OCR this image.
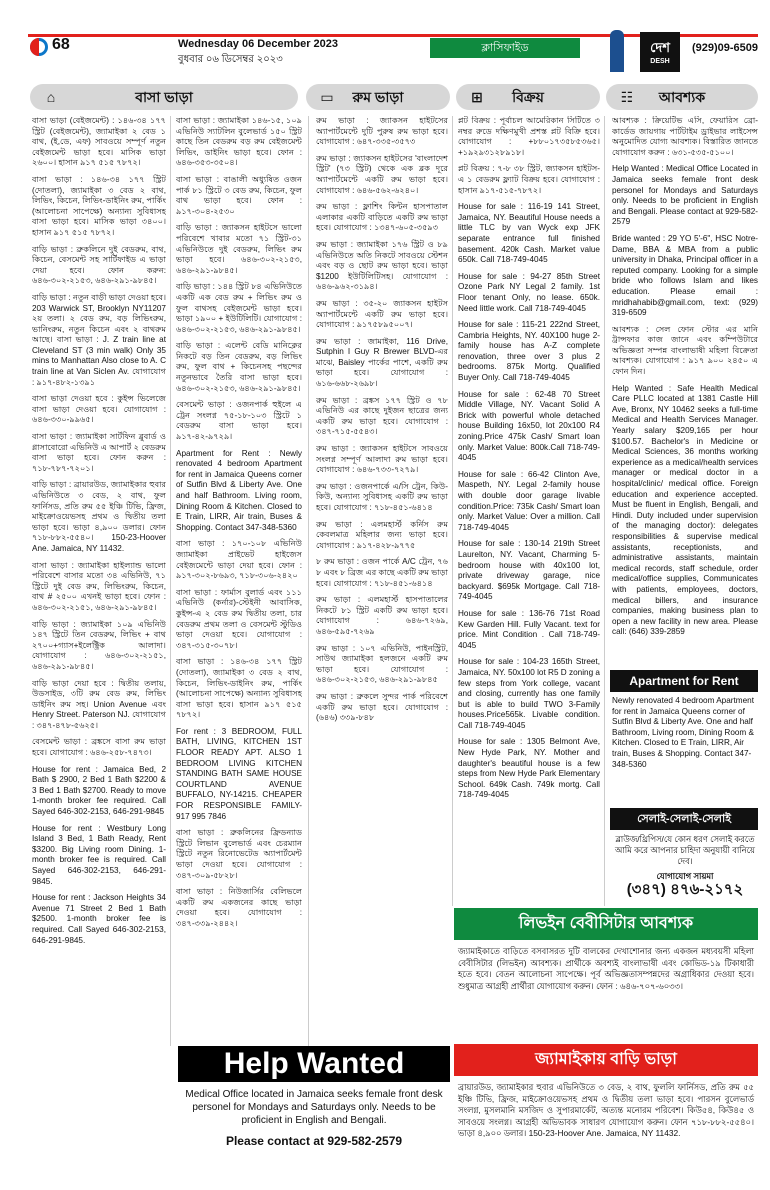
68	Wednesday 06 December 2023
বুধবার ০৬ ডিসেম্বর ২০২৩
ক্লাসিফাইড	দেশ
DESH
(929)09-6509
⌂	বাসা ভাড়া	▭	রুম ভাড়া	⊞	বিক্রয়	☷	আবশ্যক

বাসা ভাড়া (বেইজমেন্ট) : ১৪৬-৩৪ ১৭৭ স্ট্রিট (বেইজমেন্ট), জ্যামাইকা ২ বেড ১ বাথ, (ই,ডে, এফ) সাবওয়ে সম্পূর্ণ নতুন বেইজমেন্ট ভাড়া হবে। মাসিক ভাড়া ২৬০০। হাসান ৯১৭ ৫১৫ ৭৮৭২।

বাসা ভাড়া : ১৪৬-৩৪ ১৭৭ স্ট্রিট (দোতলা), জ্যামাইকা ৩ বেড ২ বাথ, লিভিং, কিচেন, লিভিং-ডাইনিং রুম, পার্কিং (আলোচনা সাপেক্ষে) অন্যান্য সুবিধাসহ বাসা ভাড়া হবে। মাসিক ভাড়া ৩৪০০। হাসান ৯১৭ ৫১৫ ৭৮৭২।

বাড়ি ভাড়া : ব্রুকলিনে দুই বেডরুম, বাথ, কিচেন, বেসমেন্ট সহ সার্টিফাইড এ ভাড়া দেয়া হবে। ফোন করুন: ৬৪৬-৩০২-২১৫৩, ৬৪৬-২৯১-৯৮৪৫।

বাড়ি ভাড়া : নতুন বাড়ী ভাড়া দেওয়া হবে। 203 Warwick ST, Brooklyn NY11207 ২য় তলা। ২ বেড রুম, বড় লিভিংরুম, ভানিংরুম, নতুন কিচেন এবং ২ বাথরুম আছে। বাসা ভাড়া : J. Z train line at Cleveland ST (3 min walk) Only 35 mins to Manhattan Also close to A. C train line at Van Siclen Av. যোগাযোগ : ৯১৭-৪৮২-১৩৯১

বাসা ভাড়া দেওয়া হবে : কুইন্স ভিলেজে বাসা ভাড়া দেওয়া হবে। যোগাযোগ : ৬৪৬-৩৩০-৯৯৬৫।

বাসা ভাড়া : জ্যামাইকা সার্টফিন ব্লুবার্ড ও গ্লাসাবোরো এভিনিউ এ আপার্ট ২ বেডরুম বাসা ভাড়া হবে। ফোন করুন : ৭১৮-৭৮৭-৭২০১।

বাড়ি ভাড়া : ব্রায়ারউড, জ্যামাইকার হুবার এভিনিউতে ৩ বেড, ২ বাথ, ফুল ফার্নিসড, প্রতি রুম ৫৫ ইঞ্চি টিভি, ফ্রিজ, মাইক্রোওয়েভসহ প্রথম ও দ্বিতীয় তলা ভাড়া হবে। ভাড়া ৪,৯০০ ডলার। ফোন ৭১৮-৮৮২-৫৫৪০। 150-23-Hoover Ane. Jamaica, NY 11432.

বাসা ভাড়া : জ্যামাইকা হাইল্যান্ড ভালো পরিবেশে বাসার মতো ৩৪ এভিনিউ, ৭১ স্ট্রিটে দুই বেড রুম, লিভিংরুম, কিচেন, বাথ # ২৫০০ এখনই ভাড়া হবে। ফোন : ৬৪৬-৩০২-২১৫১, ৬৪৬-২৯১-৯৮৪৫।

বাড়ি ভাড়া : জ্যামাইকা ১০৯ এভিনিউ ১৪৭ স্ট্রিটে তিন বেডরুম, লিভিং + বাথ ২৭০০+গ্যাস+ইলেক্ট্রিক আলাদা। যোগাযোগ : ৬৪৬-৩০২-২১৫১, ৬৪৬-২৯১-৯৮৪৫।

বাড়ি ভাড়া দেয়া হবে : দ্বিতীয় তলায়, উডসাইড, ৩টি রুম বেড রুম, লিভিং ডাইনিং রুম সহ। Union Avenue এবং Henry Street. Paterson NJ. যোগাযোগ : ৩৪৭-৪৭৮-৫৬২৫।

বেসমেন্ট ভাড়া : ব্রঙ্কসে বাসা রুম ভাড়া হবে। যোগাযোগ : ৬৪৬-২৫৮-৭৪৭৩।

House for rent : Jamaica Bed, 2 Bath $ 2900, 2 Bed 1 Bath $2200 & 3 Bed 1 Bath $2700. Ready to move 1-month broker fee required. Call Sayed 646-302-2153, 646-291-9845

House for rent : Westbury Long Island 3 Bed, 1 Bath Ready, Rent $3200. Big Living room Dining. 1-month broker fee is required. Call Sayed 646-302-2153, 646-291-9845.

House for rent : Jackson Heights 34 Avenue 71 Street 2 Bed 1 Bath $2500. 1-month broker fee is required. Call Sayed 646-302-2153, 646-291-9845.

বাসা ভাড়া : জ্যামাইকা ১৪৬-১৫, ১০৯ এভিনিউ স্যাটলিন বুলেভার্ড ১৫০ স্ট্রিট কাছে তিন বেডরুম বড় রুম বেইজমেন্ট লিভিং, ডাইনিং ভাড়া হবে। ফোন : ৬৪৬-৩৫৩-৩৫০৪।

বাসা ভাড়া : বাঙালী অধ্যুষিত ওজন পার্ক ৮১ স্ট্রিটে ৩ বেড রুম, কিচেন, ফুল বাথ ভাড়া হবে। ফোন : ৯১৭-৩০৪-২৫৩০

বাড়ি ভাড়া : জ্যাকসন হাইটসে ভালো পরিবেশে খাবার মতো ৭১ স্ট্রিট-৩১ এভিনিউতে দুই বেডরুম, লিভিং রুম ভাড়া হবে। ৬৪৬-৩০২-২১৫৩, ৬৪৬-২৯১-৯৮৪৫।

বাড়ি ভাড়া : ১৪৪ স্ট্রিট ৮৪ এভিনিউতে একটি এক বেড রুম + লিভিং রুম ও ফুল বাথসহ বেইজমেন্ট ভাড়া হবে। ভাড়া ১৯০০ + ইউটিলিটি। যোগাযোগ : ৬৪৬-৩০২-২১৫৩, ৬৪৬-২৯১-৯৮৪৫।

বাড়ি ভাড়া : এলেন্ট বেডি মানিক্লের নিকটে বড় তিন বেডরুম, বড় লিভিং রুম, ফুল বাথ + কিচেনসহ পছন্দের নতুনভাবে তৈরি বাসা ভাড়া হবে। ৬৪৬-৩০২-২১৫৩, ৬৪৬-২৯১-৯৮৪৫।

বেসমেন্ট ভাড়া : ওজনপার্ক হুইলে এ ট্রেন সংলগ্ন ৭৫-১৮-১০৩ স্ট্রিটে ১ বেডরুম বাসা ভাড়া হবে। ৯১৭-৪২-৯৭২৯।

Apartment for Rent : Newly renovated 4 bedroom Apartment for rent in Jamaica Queens corner of Sutfin Blvd & Liberty Ave. One and half Bathroom. Living room, Dining Room & Kitchen. Closed to E Train, LIRR, Air train, Buses & Shopping. Contact 347-348-5360

বাসা ভাড়া : ১৭০-১০৮ এভিনিউ জ্যামাইকা প্রাইভেট হাইজেস বেইজমেন্টে ভাড়া দেয়া হবে। ফোন : ৯১৭-৩০২-৮৬৯৩, ৭১৮-৩০৬-২৪২০

বাসা ভাড়া : ফার্মাস বুলার্ড এবং ১১১ এভিনিউ (কর্নার)-স্টেইনী আবাসিক, কুইন্স-এ ২ বেড রুম দ্বিতীয় তলা, চার বেডরুম প্রথম তলা ও বেসমেন্ট স্টুডিও ভাড়া দেওয়া হবে। যোগাযোগ : ৩৪৭-৩১৫-৩০৭৮।

বাসা ভাড়া : ১৪৬-৩৪ ১৭৭ স্ট্রিট (দোতলা), জ্যামাইকা ৩ বেড ২ বাথ, কিচেন, লিভিং-ডাইনিং রুম, পার্কিং (আলোচনা সাপেক্ষে) অন্যান্য সুবিধাসহ বাসা ভাড়া হবে। হাসান ৯১৭ ৫১৫ ৭৮৭২।

For rent : 3 BEDROOM, FULL BATH, LIVING, KITCHEN 1ST FLOOR READY APT. ALSO 1 BEDROOM LIVING KITCHEN STANDING BATH SAME HOUSE COURTLAND AVENUE BUFFALO, NY-14215. CHEAPER FOR RESPONSIBLE FAMILY- 917 995 7846

বাসা ভাড়া : ব্রুকলিনের ফ্রিডন্যাড স্ট্রিটে লিভান বুলেভার্ড এবং চেরম্যান স্ট্রিটে নতুন রিনোভেটেড অ্যাপার্টমেন্ট ভাড়া দেওয়া হবে। যোগাযোগ : ৩৪৭-৩০৯-৫৮২৮।

বাসা ভাড়া : নিউজার্সির বেলিভলে একটি রুম একজনের কাছে ভাড়া দেওয়া হবে। যোগাযোগ : ৩৪৭-৩৩৯-২৪৪২।

রুম ভাড়া : জ্যাকসন হাইটসের অ্যাপার্টমেন্টে দুটি পুরুষ রুম ভাড়া হবে। যোগাযোগ : ৬৪৭-৩৩৫-৩৫৭৩

রুম ভাড়া : জ্যাকসন হাইটসের 'বাংলাদেশ স্ট্রিট' (৭৩ স্ট্রিট) থেকে এক ব্লক দূরে অ্যাপার্টমেন্টে একটি রুম ভাড়া হবে। যোগাযোগ : ৬৪৬-৫৬২-৬২৪০।

রুম ভাড়া : ফ্লাশিং কিন্টন হাসপাতাল এলাকার একটি বাড়িতে একটি রুম ভাড়া হবে। যোগাযোগ : ১৩৪৭-৬০৫-৩৫৯৩

রুম ভাড়া : জ্যামাইকা ১৭৬ স্ট্রিট ও ৮৯ এভিনিউতে অতি নিকটে সাবওয়ে স্টেশন এবং বড় ও ছোট রুম ভাড়া হবে। ভাড়া $1200 ইউটিলিটিসহ। যোগাযোগ : ৬৪৬-৯৬২-৩১৯৪।

রুম ভাড়া : ৩৫-২০ জ্যাকসন হাইটস অ্যাপার্টমেন্টে একটি রুম ভাড়া হবে। যোগাযোগ : ৯১৭৫৮৯৫০০৭।

রুম ভাড়া : জামাইকা, 116 Drive, Sutphin I Guy R Brewer BLVD-এর মাঝে, Baisley পার্কের পাশে, একটি রুম ভাড়া হবে। যোগাযোগ : ৬১৬-৬৬৮-২৬৯৮।

রুম ভাড়া : ব্রঙ্কস ১৭৭ স্ট্রিট ও ৭৮ এভিনিউ এর কাছে দুইজন ছাত্রের জন্য একটি রুম ভাড়া হবে। যোগাযোগ : ৩৪৭-৭১৫-৫৫৪৩।

রুম ভাড়া : জ্যাকসন হাইটসে সাবওয়ে সংলগ্ন সম্পূর্ণ আলাদা রুম ভাড়া হবে। যোগাযোগ : ৬৪৬-৭৩৩-৭২৭৯।

রুম ভাড়া : ওজনপার্কে এ/সি ট্রেন, কিউ-কিউ, অন্যান্য সুবিধাসহ একটি রুম ভাড়া হবে। যোগাযোগ : ৭১৮-৪৫১-৬৪১৪

রুম ভাড়া : এলমহার্স্ট কর্নিস রুম কেবলমাত্র মহিলার জন্য ভাড়া হবে। যোগাযোগ : ৯১৭-৪২৮-৯৭৭৫

৮ রুম ভাড়া : ওজন পার্কে A/C ট্রেন, ৭৬ ৮ এবং ৮ ব্রিজ এর কাছে একটি রুম ভাড়া হবে। যোগাযোগ : ৭১৮-৪৫১-৬৪১৪

রুম ভাড়া : এলমহার্স্ট হাসপাতালের নিকটে ৮১ স্ট্রিট একটি রুম ভাড়া হবে। যোগাযোগ : ৬৪৬-৭২৬৯, ৬৪৬-৫৯৫-৭২৬৯

রুম ভাড়া : ১০৭ এভিনিউ, পাইনস্ট্রিট, সাউথ জ্যামাইকা হলজনে একটি রুম ভাড়া হবে। যোগাযোগ : ৬৪৬-৩০২-২১৫৩, ৬৪৬-২৯১-৯৮৪৫

রুম ভাড়া : ব্রুকলে সুন্দর পার্ক পরিবেশে একটি রুম ভাড়া হবে। যোগাযোগ : (৬৪৬) ৩৩৯-৮৪৮

প্লট বিক্রয় : পূর্বাচল আমেরিকান সিটিতে ৩ নম্বর রুডে দক্ষিণমুখী প্রশস্ত প্লট বিক্রি হবে। যোগাযোগ : +৮৮০১৭৩৫৮৫৩৬৫। +১৯২৯৩১২৮৯১৮।

প্লট বিক্রয় : ৭-৮ ৩৮ স্ট্রিট, জ্যাকসন হাইটস-এ ১ বেডরুম ফ্ল্যাট বিক্রয় হবে। যোগাযোগ : হাসান ৯১৭-৫১৫-৭৮৭২।

House for sale : 116-19 141 Street, Jamaica, NY. Beautiful House needs a little TLC by van Wyck exp JFK separate entrance full finished basement. 420k Cash. Market value 650k. Call 718-749-4045

House for sale : 94-27 85th Street Ozone Park NY Legal 2 family. 1st Floor tenant Only, no lease. 650k. Need little work. Call 718-749-4045

House for sale : 115-21 222nd Street, Cambria Heights, NY. 40X100 huge 2-family house has A-Z complete renovation, three over 3 plus 2 bedrooms. 875k Mortg. Qualified Buyer Only. Call 718-749-4045

House for sale : 62-48 70 Street Middle Village, NY. Vacant Solid A Brick with powerful whole detached house Building 16x50, lot 20x100 R4 zoning.Price 475k Cash/ Smart loan only. Market Value: 800k.Call 718-749-4045

House for sale : 66-42 Clinton Ave, Maspeth, NY. Legal 2-family house with double door garage livable condition.Price: 735k Cash/ Smart loan only. Market Value: Over a million. Call 718-749-4045

House for sale : 130-14 219th Street Laurelton, NY. Vacant, Charming 5-bedroom house with 40x100 lot, private driveway garage, nice backyard. $695k Mortgage. Call 718-749-4045

House for sale : 136-76 71st Road Kew Garden Hill. Fully Vacant. text for price. Mint Condition . Call 718-749-4045

House for sale : 104-23 165th Street, Jamaica, NY. 50x100 lot R5 D zoning a few steps from York college, vacant and closing, currently has one family but is able to build TWO 3-Family houses.Price565k. Livable condition. Call 718-749-4045

House for sale : 1305 Belmont Ave, New Hyde Park, NY. Mother and daughter's beautiful house is a few steps from New Hyde Park Elementary School. 649k Cash. 749k mortg. Call 718-749-4045

আবশ্যক : ক্রিয়েটিভ এসি, ফেয়ারিস ব্রো-কার্ডেড জায়গায় পার্টটাইম ড্রাইভার লাইসেন্স অনুমোদিত যোগ্য আবশ্যক। বিস্তারিত জানতে যোগাযোগ করুন : ৬৩১-৫৩৫-৫১০০।

Help Wanted : Medical Office Located in Jamaica seeks female front desk personel for Mondays and Saturdays only. Needs to be proficient in English and Bengali. Please contact at 929-582-2579

Bride wanted : 29 YO 5'-6", HSC Notre-Dame, BBA & MBA from a public university in Dhaka, Principal officer in a reputed company. Looking for a simple bride who follows Islam and likes education. Please email : mridhahabib@gmail.com, text: (929) 319-6509

আবশ্যক : সেল ফোন স্টোর এর মানি ট্রান্সফার কাজ জানে এবং কম্পিউটারে অভিজ্ঞতা সম্পন্ন বাংলাভাষী মহিলা বিক্রেতা আবশ্যক। যোগাযোগ : ৯১৭ ৯০০ ২৪৫০ এ ফোন দিন।

Help Wanted : Safe Health Medical Care PLLC located at 1381 Castle Hill Ave, Bronx, NY 10462 seeks a full-time Medical and Health Services Manager. Yearly salary $209,165 per hour $100.57. Bachelor's in Medicine or Medical Sciences, 36 months working experience as a medical/health services manager or medical doctor in a hospital/clinic/ medical office. Foreign education and experience accepted. Must be fluent in English, Bengali, and Hindi. Duty included under supervision of the managing doctor): delegates responsibilities & supervise medical assistants, receptionists, and administrative assistants, maintain medical records, staff schedule, order medical/office supplies, Communicates with patients, employees, doctors, medical billers, and insurance companies, making business plan to open a new facility in new area. Please call: (646) 339-2859

Apartment for Rent
Newly renovated 4 bedroom Apartment for rent in Jamaica Queens corner of Sutfin Blvd & Liberty Ave. One and half Bathroom, Living room, Dining Room & Kitchen. Closed to E Train, LIRR, Air train, Buses & Shopping. Contact 347-348-5360
সেলাই-সেলাই-সেলাই
ব্লাউজ/থ্রিপিস/যে কোন ধরণ সেলাই করতে আমি করে আপনার চাহিদা অনুযায়ী বানিয়ে দেব।
যোগাযোগ সায়মা
(৩৪৭) ৪৭৬-২১৭২
লিভইন বেবীসিটার আবশ্যক
জ্যামাইকাতে বাড়িতে বসবাসরত দুটি বালকের দেখাশোনার জন্য একজন মধ্যবয়সী মহিলা বেবীসিটার (লিভইন) আবশ্যক। প্রার্থীকে অবশ্যই বাংলাভাষী এবং কোভিড-১৯ টিকাধারী হতে হবে। বেতন আলোচনা সাপেক্ষে। পূর্ব অভিজ্ঞতাসম্পন্নদের অগ্রাধিকার দেওয়া হবে। শুধুমাত্র আগ্রহী প্রার্থীরা যোগাযোগ করুন। ফোন : ৬৪৬-৭০৭-৬০৩৩।
জ্যামাইকায় বাড়ি ভাড়া
ব্রায়ারউড, জ্যামাইকার হুবার এভিনিউতে ৩ বেড, ২ বাথ, ফুললি ফার্নিসড, প্রতি রুম ৫৫ ইঞ্চি টিভি, ফ্রিজ, মাইক্রোওয়েভসহ প্রথম ও দ্বিতীয় তলা ভাড়া হবে। পারসন বুলেভার্ড সংলগ্ন, মুসলমানি মসজিদ ও সুপারমার্কেট, অত্যন্ত মনোরম পরিবেশ। কিউ৫৪, কিউ৪৫ ও সাবওয়ে সংলগ্ন। আগ্রহী অভিভাবক সাধারণ যোগাযোগ করুন। ফোন ৭১৮-৮৮২-৫৫৪০। ভাড়া ৪,৯০০ ডলার। 150-23-Hoover Ane. Jamaica, NY 11432.
Help Wanted
Medical Office located in Jamaica seeks female front desk personel for Mondays and Saturdays only. Needs to be proficient in English and Bengali.
Please contact at 929-582-2579
